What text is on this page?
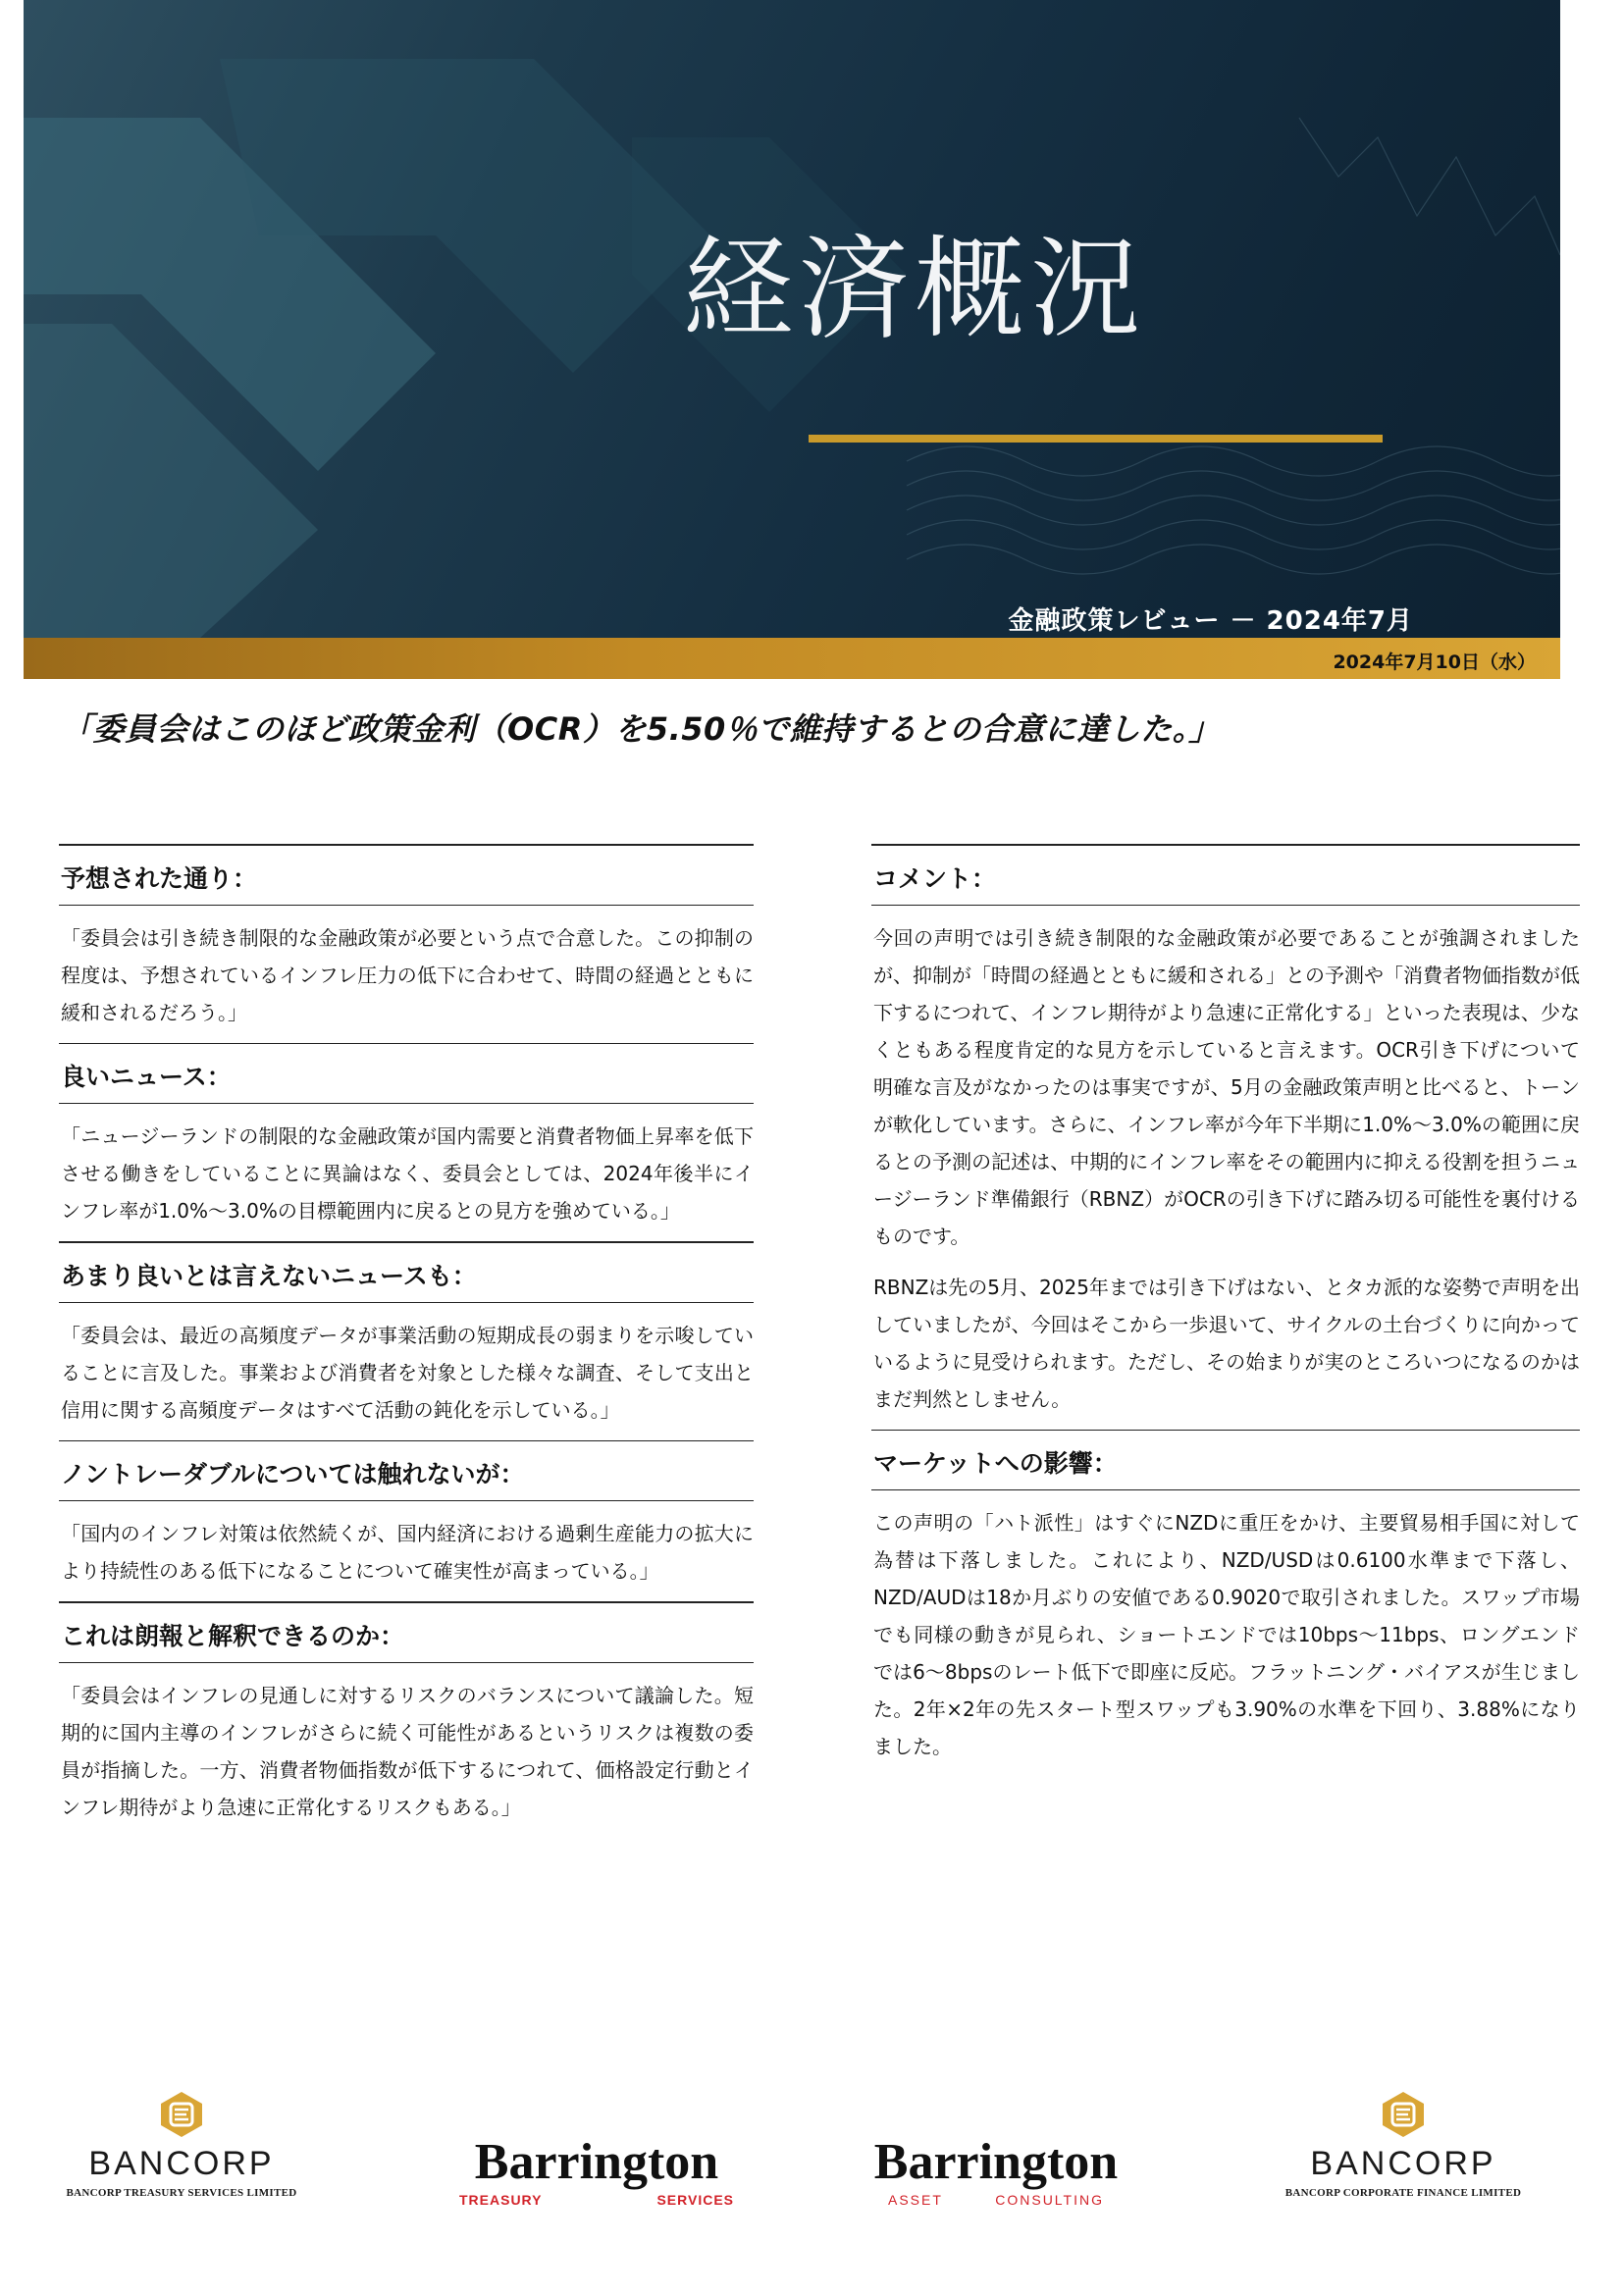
経済概況
金融政策レビュー － 2024年7月
2024年7月10日（水）
「委員会はこのほど政策金利（OCR）を5.50％で維持するとの合意に達した。」
予想された通り：
「委員会は引き続き制限的な金融政策が必要という点で合意した。この抑制の程度は、予想されているインフレ圧力の低下に合わせて、時間の経過とともに緩和されるだろう。」
良いニュース：
「ニュージーランドの制限的な金融政策が国内需要と消費者物価上昇率を低下させる働きをしていることに異論はなく、委員会としては、2024年後半にインフレ率が1.0%～3.0%の目標範囲内に戻るとの見方を強めている。」
あまり良いとは言えないニュースも：
「委員会は、最近の高頻度データが事業活動の短期成長の弱まりを示唆していることに言及した。事業および消費者を対象とした様々な調査、そして支出と信用に関する高頻度データはすべて活動の鈍化を示している。」
ノントレーダブルについては触れないが：
「国内のインフレ対策は依然続くが、国内経済における過剰生産能力の拡大により持続性のある低下になることについて確実性が高まっている。」
これは朗報と解釈できるのか：
「委員会はインフレの見通しに対するリスクのバランスについて議論した。短期的に国内主導のインフレがさらに続く可能性があるというリスクは複数の委員が指摘した。一方、消費者物価指数が低下するにつれて、価格設定行動とインフレ期待がより急速に正常化するリスクもある。」
コメント：

今回の声明では引き続き制限的な金融政策が必要であることが強調されましたが、抑制が「時間の経過とともに緩和される」との予測や「消費者物価指数が低下するにつれて、インフレ期待がより急速に正常化する」といった表現は、少なくともある程度肯定的な見方を示していると言えます。OCR引き下げについて明確な言及がなかったのは事実ですが、5月の金融政策声明と比べると、トーンが軟化しています。さらに、インフレ率が今年下半期に1.0%～3.0%の範囲に戻るとの予測の記述は、中期的にインフレ率をその範囲内に抑える役割を担うニュージーランド準備銀行（RBNZ）がOCRの引き下げに踏み切る可能性を裏付けるものです。

RBNZは先の5月、2025年までは引き下げはない、とタカ派的な姿勢で声明を出していましたが、今回はそこから一歩退いて、サイクルの土台づくりに向かっているように見受けられます。ただし、その始まりが実のところいつになるのかはまだ判然としません。

マーケットへの影響：
この声明の「ハト派性」はすぐにNZDに重圧をかけ、主要貿易相手国に対して為替は下落しました。これにより、NZD/USDは0.6100水準まで下落し、NZD/AUDは18か月ぶりの安値である0.9020で取引されました。スワップ市場でも同様の動きが見られ、ショートエンドでは10bps～11bps、ロングエンドでは6～8bpsのレート低下で即座に反応。フラットニング・バイアスが生じました。2年×2年の先スタート型スワップも3.90%の水準を下回り、3.88%になりました。
BANCORP
BANCORP TREASURY SERVICES LIMITED
Barrington
TREASURY	SERVICES
Barrington
ASSET	CONSULTING
BANCORP
BANCORP CORPORATE FINANCE LIMITED
